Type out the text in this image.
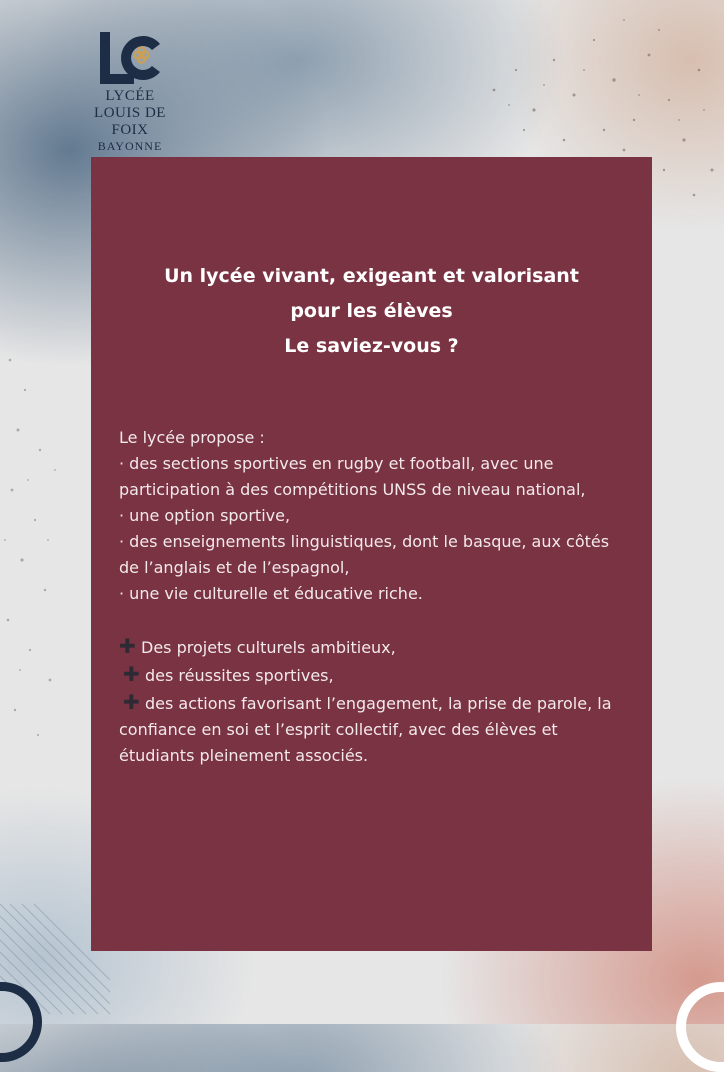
LYCÉE
LOUIS DE FOIX
BAYONNE
Un lycée vivant, exigeant et valorisant
pour les élèves
Le saviez-vous ?

Le lycée propose :

· des sections sportives en rugby et football, avec une participation à des compétitions UNSS de niveau national,

· une option sportive,

· des enseignements linguistiques, dont le basque, aux côtés de l’anglais et de l’espagnol,

· une vie culturelle et éducative riche.

✚ Des projets culturels ambitieux,

✚ des réussites sportives,

✚ des actions favorisant l’engagement, la prise de parole, la confiance en soi et l’esprit collectif, avec des élèves et étudiants pleinement associés.
